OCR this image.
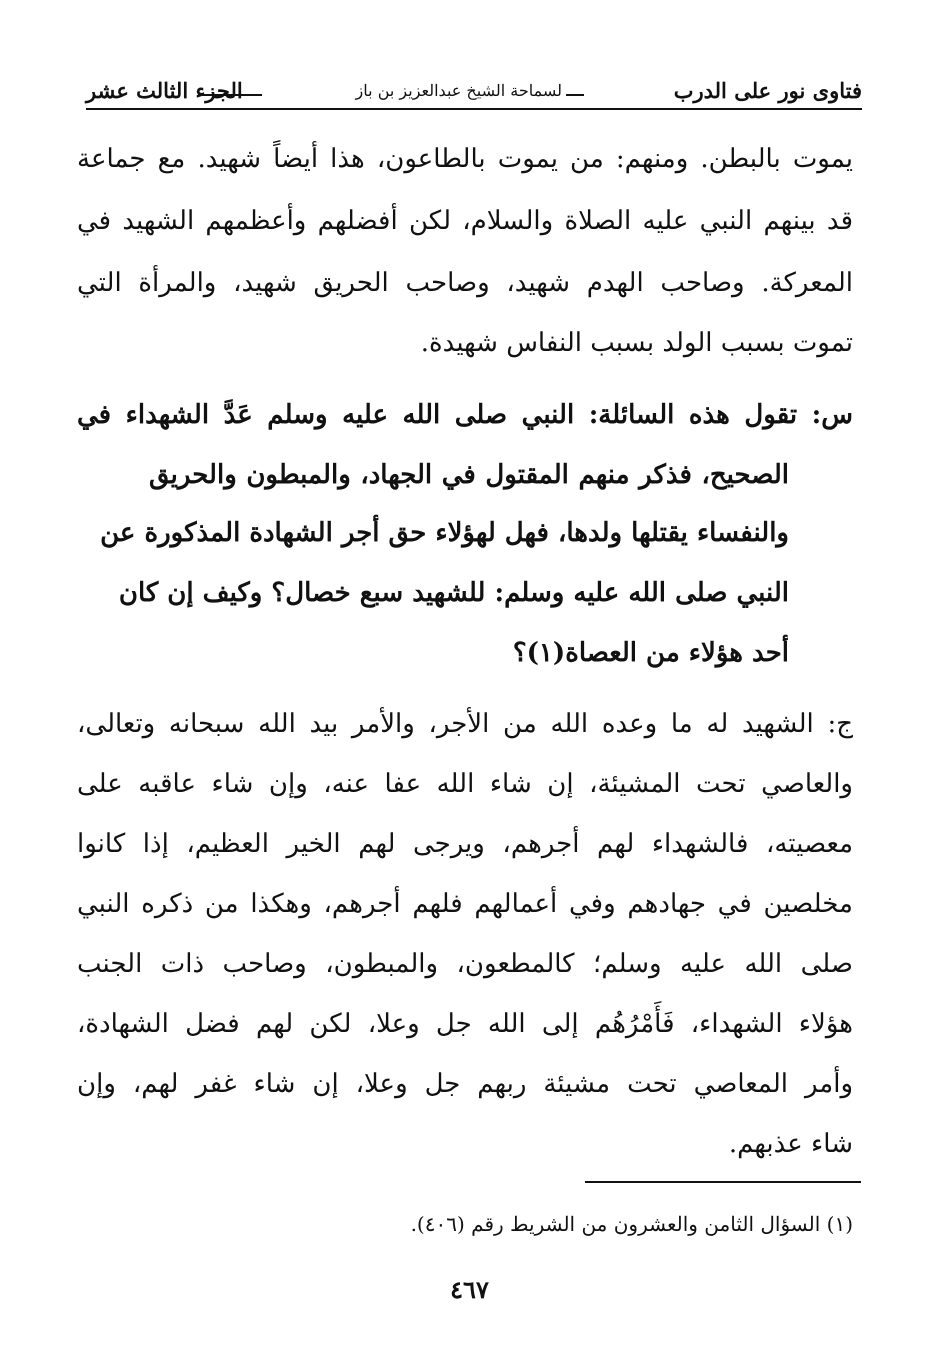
فتاوى نور على الدرب
لسماحة الشيخ عبدالعزيز بن باز
الجزء الثالث عشر
يموت بالبطن. ومنهم: من يموت بالطاعون، هذا أيضاً شهيد. مع جماعة
قد بينهم النبي عليه الصلاة والسلام، لكن أفضلهم وأعظمهم الشهيد في
المعركة. وصاحب الهدم شهيد، وصاحب الحريق شهيد، والمرأة التي
تموت بسبب الولد بسبب النفاس شهيدة.
س: تقول هذه السائلة: النبي صلى الله عليه وسلم عَدَّ الشهداء في
الصحيح، فذكر منهم المقتول في الجهاد، والمبطون والحريق
والنفساء يقتلها ولدها، فهل لهؤلاء حق أجر الشهادة المذكورة عن
النبي صلى الله عليه وسلم: للشهيد سبع خصال؟ وكيف إن كان
أحد هؤلاء من العصاة(١)؟
ج: الشهيد له ما وعده الله من الأجر، والأمر بيد الله سبحانه وتعالى،
والعاصي تحت المشيئة، إن شاء الله عفا عنه، وإن شاء عاقبه على
معصيته، فالشهداء لهم أجرهم، ويرجى لهم الخير العظيم، إذا كانوا
مخلصين في جهادهم وفي أعمالهم فلهم أجرهم، وهكذا من ذكره النبي
صلى الله عليه وسلم؛ كالمطعون، والمبطون، وصاحب ذات الجنب
هؤلاء الشهداء، فَأَمْرُهُم إلى الله جل وعلا، لكن لهم فضل الشهادة،
وأمر المعاصي تحت مشيئة ربهم جل وعلا، إن شاء غفر لهم، وإن
شاء عذبهم.
(١) السؤال الثامن والعشرون من الشريط رقم (٤٠٦).
٤٦٧
